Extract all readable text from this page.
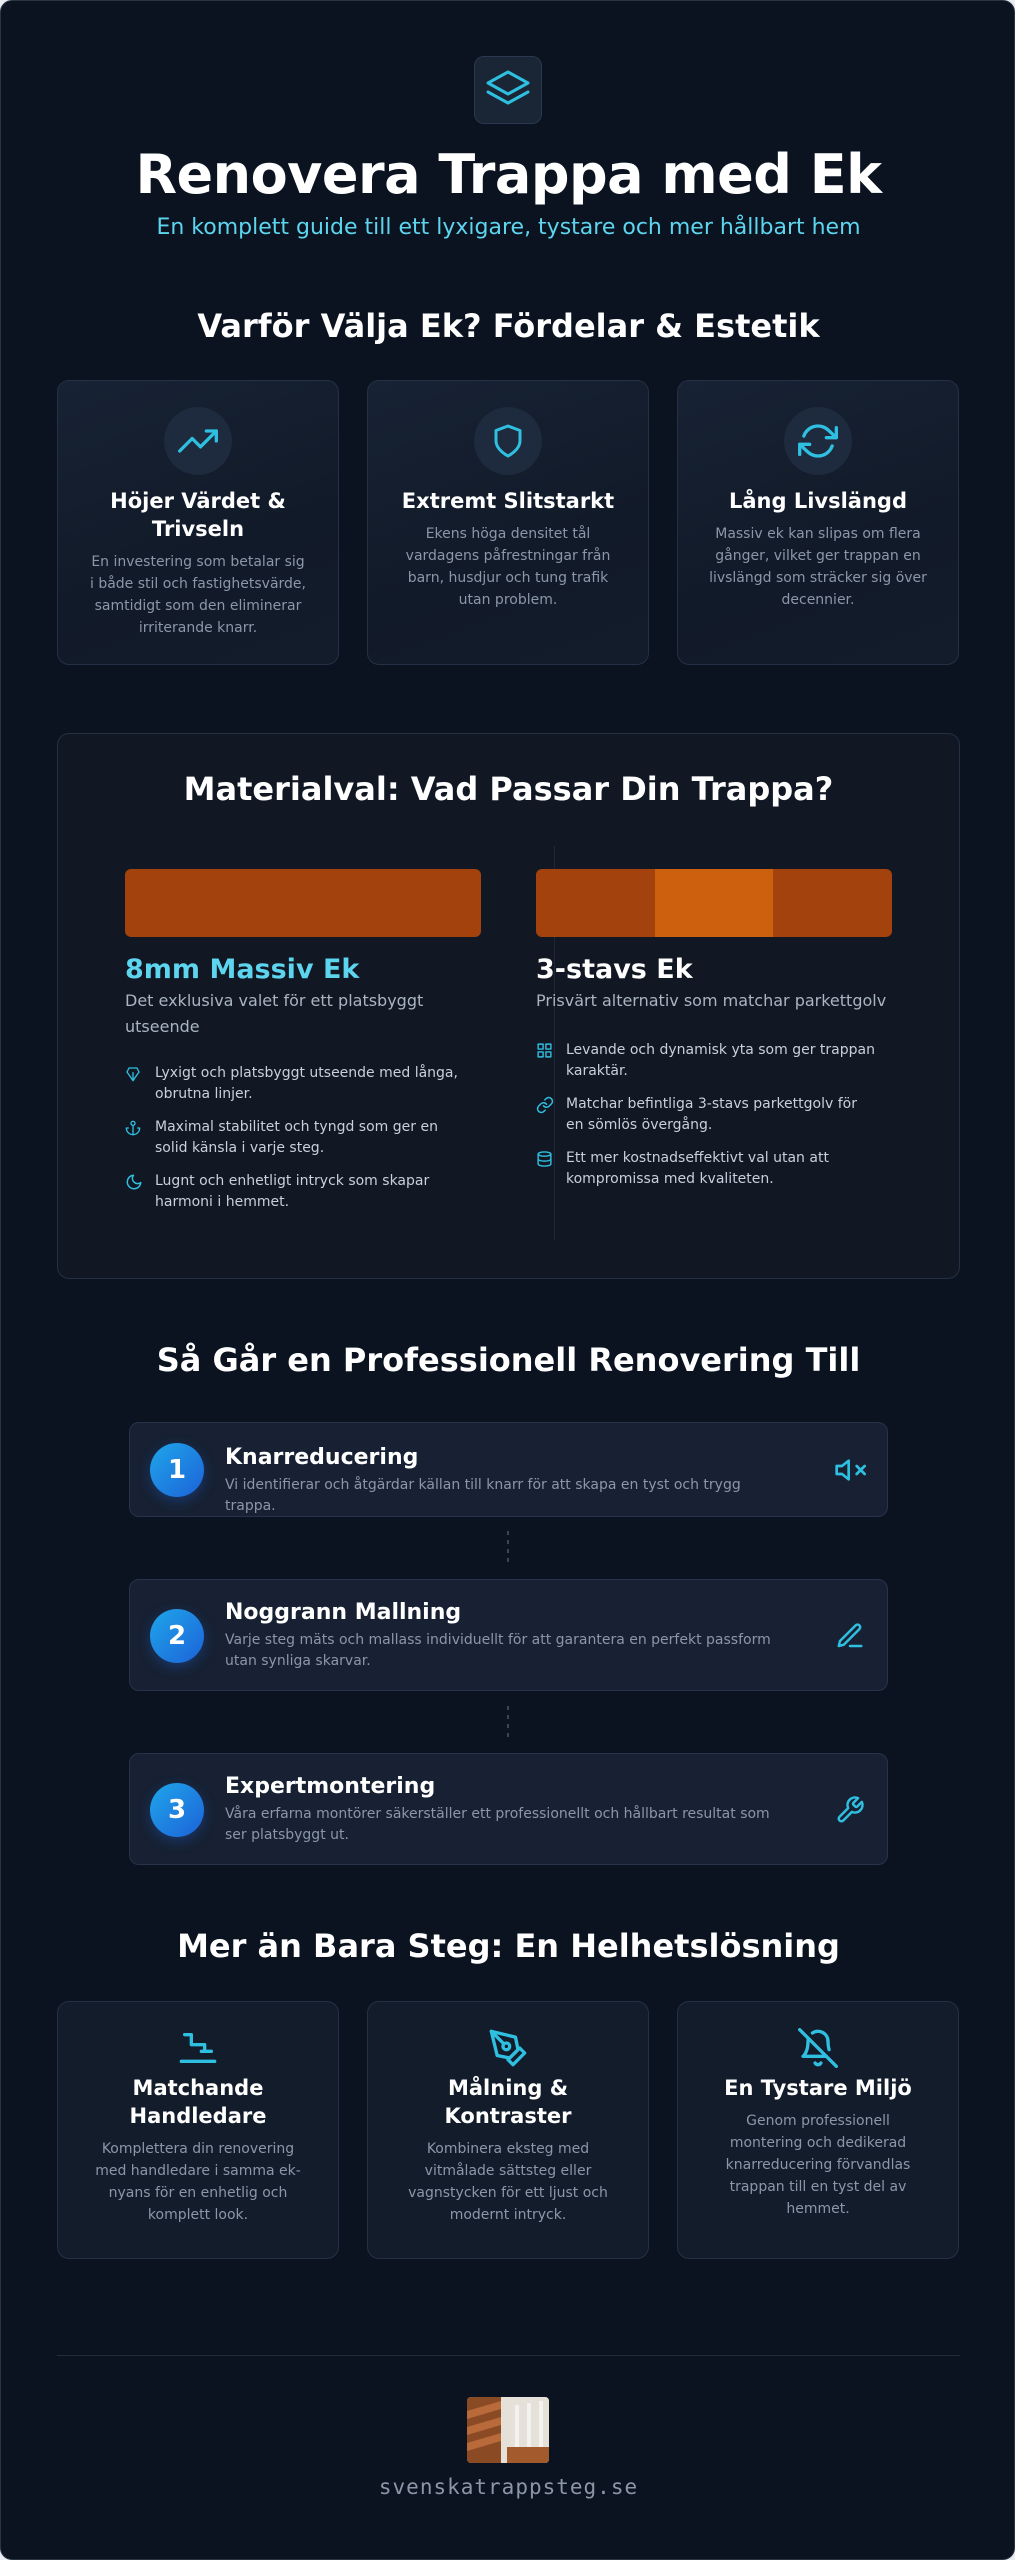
Renovera Trappa med Ek
En komplett guide till ett lyxigare, tystare och mer hållbart hem
Varför Välja Ek? Fördelar & Estetik
Höjer Värdet & Trivseln
En investering som betalar sig i både stil och fastighetsvärde, samtidigt som den eliminerar irriterande knarr.
Extremt Slitstarkt
Ekens höga densitet tål vardagens påfrestningar från barn, husdjur och tung trafik utan problem.
Lång Livslängd
Massiv ek kan slipas om flera gånger, vilket ger trappan en livslängd som sträcker sig över decennier.
Materialval: Vad Passar Din Trappa?
8mm Massiv Ek
Det exklusiva valet för ett platsbyggt utseende
Lyxigt och platsbyggt utseende med långa, obrutna linjer.
Maximal stabilitet och tyngd som ger en solid känsla i varje steg.
Lugnt och enhetligt intryck som skapar harmoni i hemmet.
3-stavs Ek
Prisvärt alternativ som matchar parkettgolv
Levande och dynamisk yta som ger trappan karaktär.
Matchar befintliga 3-stavs parkettgolv för en sömlös övergång.
Ett mer kostnadseffektivt val utan att kompromissa med kvaliteten.
Så Går en Professionell Renovering Till
1	Knarreducering
Vi identifierar och åtgärdar källan till knarr för att skapa en tyst och trygg trappa.
2
Noggrann Mallning
Varje steg mäts och mallass individuellt för att garantera en perfekt passform utan synliga skarvar.
3
Expertmontering
Våra erfarna montörer säkerställer ett professionellt och hållbart resultat som ser platsbyggt ut.
Mer än Bara Steg: En Helhetslösning
Matchande Handledare
Komplettera din renovering med handledare i samma ek-nyans för en enhetlig och komplett look.
Målning & Kontraster
Kombinera eksteg med vitmålade sättsteg eller vagnstycken för ett ljust och modernt intryck.
En Tystare Miljö
Genom professionell montering och dedikerad knarreducering förvandlas trappan till en tyst del av hemmet.
svenskatrappsteg.se
